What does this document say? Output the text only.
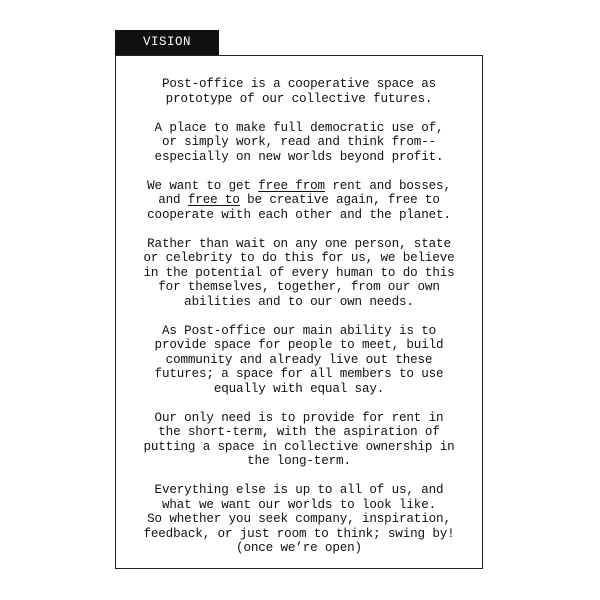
VISION

Post-office is a cooperative space as
prototype of our collective futures.

A place to make full democratic use of,
or simply work, read and think from--
especially on new worlds beyond profit.

We want to get free from rent and bosses,
and free to be creative again, free to
cooperate with each other and the planet.

Rather than wait on any one person, state
or celebrity to do this for us, we believe
in the potential of every human to do this
for themselves, together, from our own
abilities and to our own needs.

As Post-office our main ability is to
provide space for people to meet, build
community and already live out these
futures; a space for all members to use
equally with equal say.

Our only need is to provide for rent in
the short-term, with the aspiration of
putting a space in collective ownership in
the long-term.

Everything else is up to all of us, and
what we want our worlds to look like.
So whether you seek company, inspiration,
feedback, or just room to think; swing by!
(once we’re open)
